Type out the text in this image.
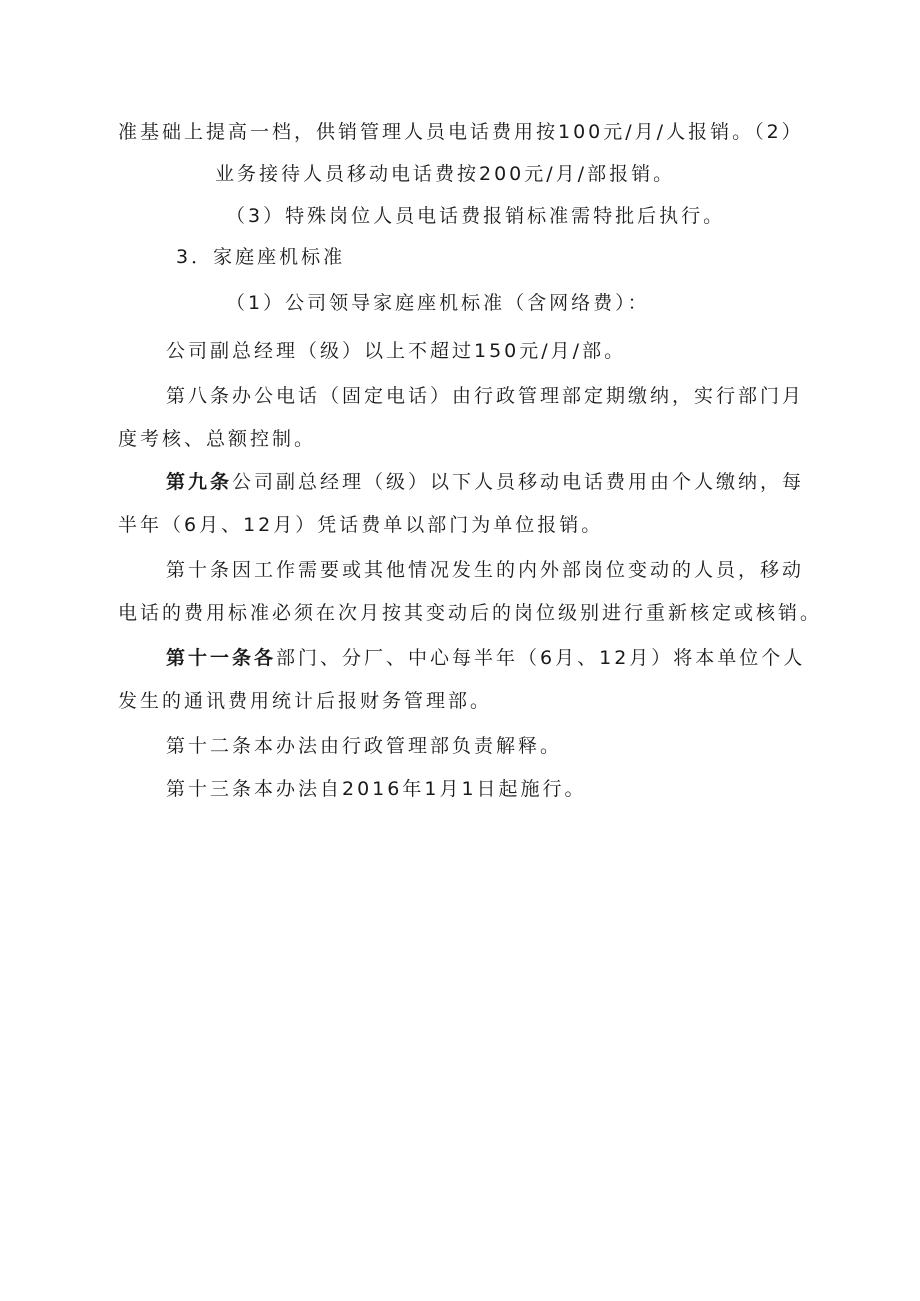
准基础上提高一档，供销管理人员电话费用按100元/月/人报销。（2）
业务接待人员移动电话费按200元/月/部报销。
（3）特殊岗位人员电话费报销标准需特批后执行。
3．家庭座机标准
（1）公司领导家庭座机标准（含网络费）：
公司副总经理（级）以上不超过150元/月/部。
第八条办公电话（固定电话）由行政管理部定期缴纳，实行部门月
度考核、总额控制。
第九条公司副总经理（级）以下人员移动电话费用由个人缴纳，每
半年（6月、12月）凭话费单以部门为单位报销。
第十条因工作需要或其他情况发生的内外部岗位变动的人员，移动
电话的费用标准必须在次月按其变动后的岗位级别进行重新核定或核销。
第十一条各部门、分厂、中心每半年（6月、12月）将本单位个人
发生的通讯费用统计后报财务管理部。
第十二条本办法由行政管理部负责解释。
第十三条本办法自2016年1月1日起施行。
